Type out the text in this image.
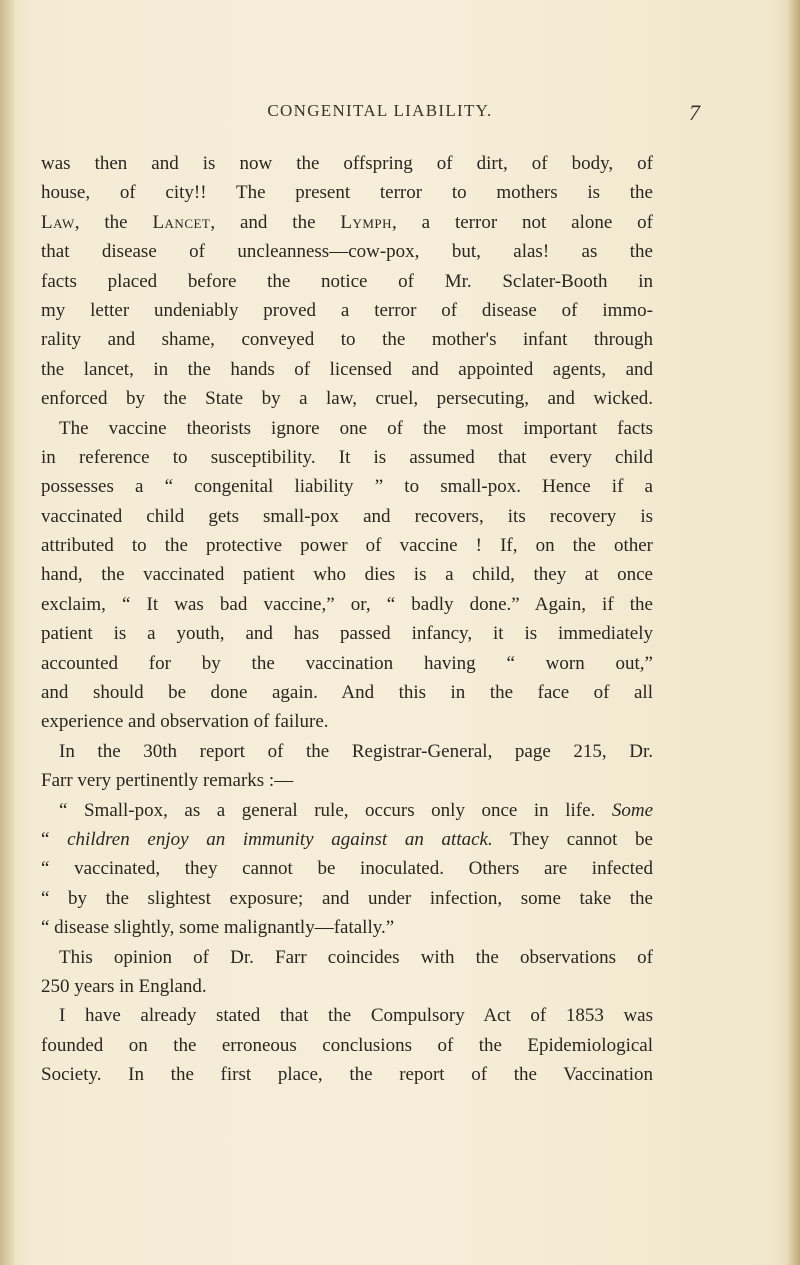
CONGENITAL LIABILITY.	7
was then and is now the offspring of dirt, of body, of
house, of city!! The present terror to mothers is the
Law, the Lancet, and the Lymph, a terror not alone of
that disease of uncleanness—cow-pox, but, alas! as the
facts placed before the notice of Mr. Sclater-Booth in
my letter undeniably proved a terror of disease of immo-
rality and shame, conveyed to the mother's infant through
the lancet, in the hands of licensed and appointed agents, and
enforced by the State by a law, cruel, persecuting, and wicked.
The vaccine theorists ignore one of the most important facts
in reference to susceptibility. It is assumed that every child
possesses a “ congenital liability ” to small-pox. Hence if a
vaccinated child gets small-pox and recovers, its recovery is
attributed to the protective power of vaccine ! If, on the other
hand, the vaccinated patient who dies is a child, they at once
exclaim, “ It was bad vaccine,” or, “ badly done.” Again, if the
patient is a youth, and has passed infancy, it is immediately
accounted for by the vaccination having “ worn out,”
and should be done again. And this in the face of all
experience and observation of failure.
In the 30th report of the Registrar-General, page 215, Dr.
Farr very pertinently remarks :—
“ Small-pox, as a general rule, occurs only once in life. Some
“ children enjoy an immunity against an attack. They cannot be
“ vaccinated, they cannot be inoculated. Others are infected
“ by the slightest exposure; and under infection, some take the
“ disease slightly, some malignantly—fatally.”
This opinion of Dr. Farr coincides with the observations of
250 years in England.
I have already stated that the Compulsory Act of 1853 was
founded on the erroneous conclusions of the Epidemiological
Society. In the first place, the report of the Vaccination
